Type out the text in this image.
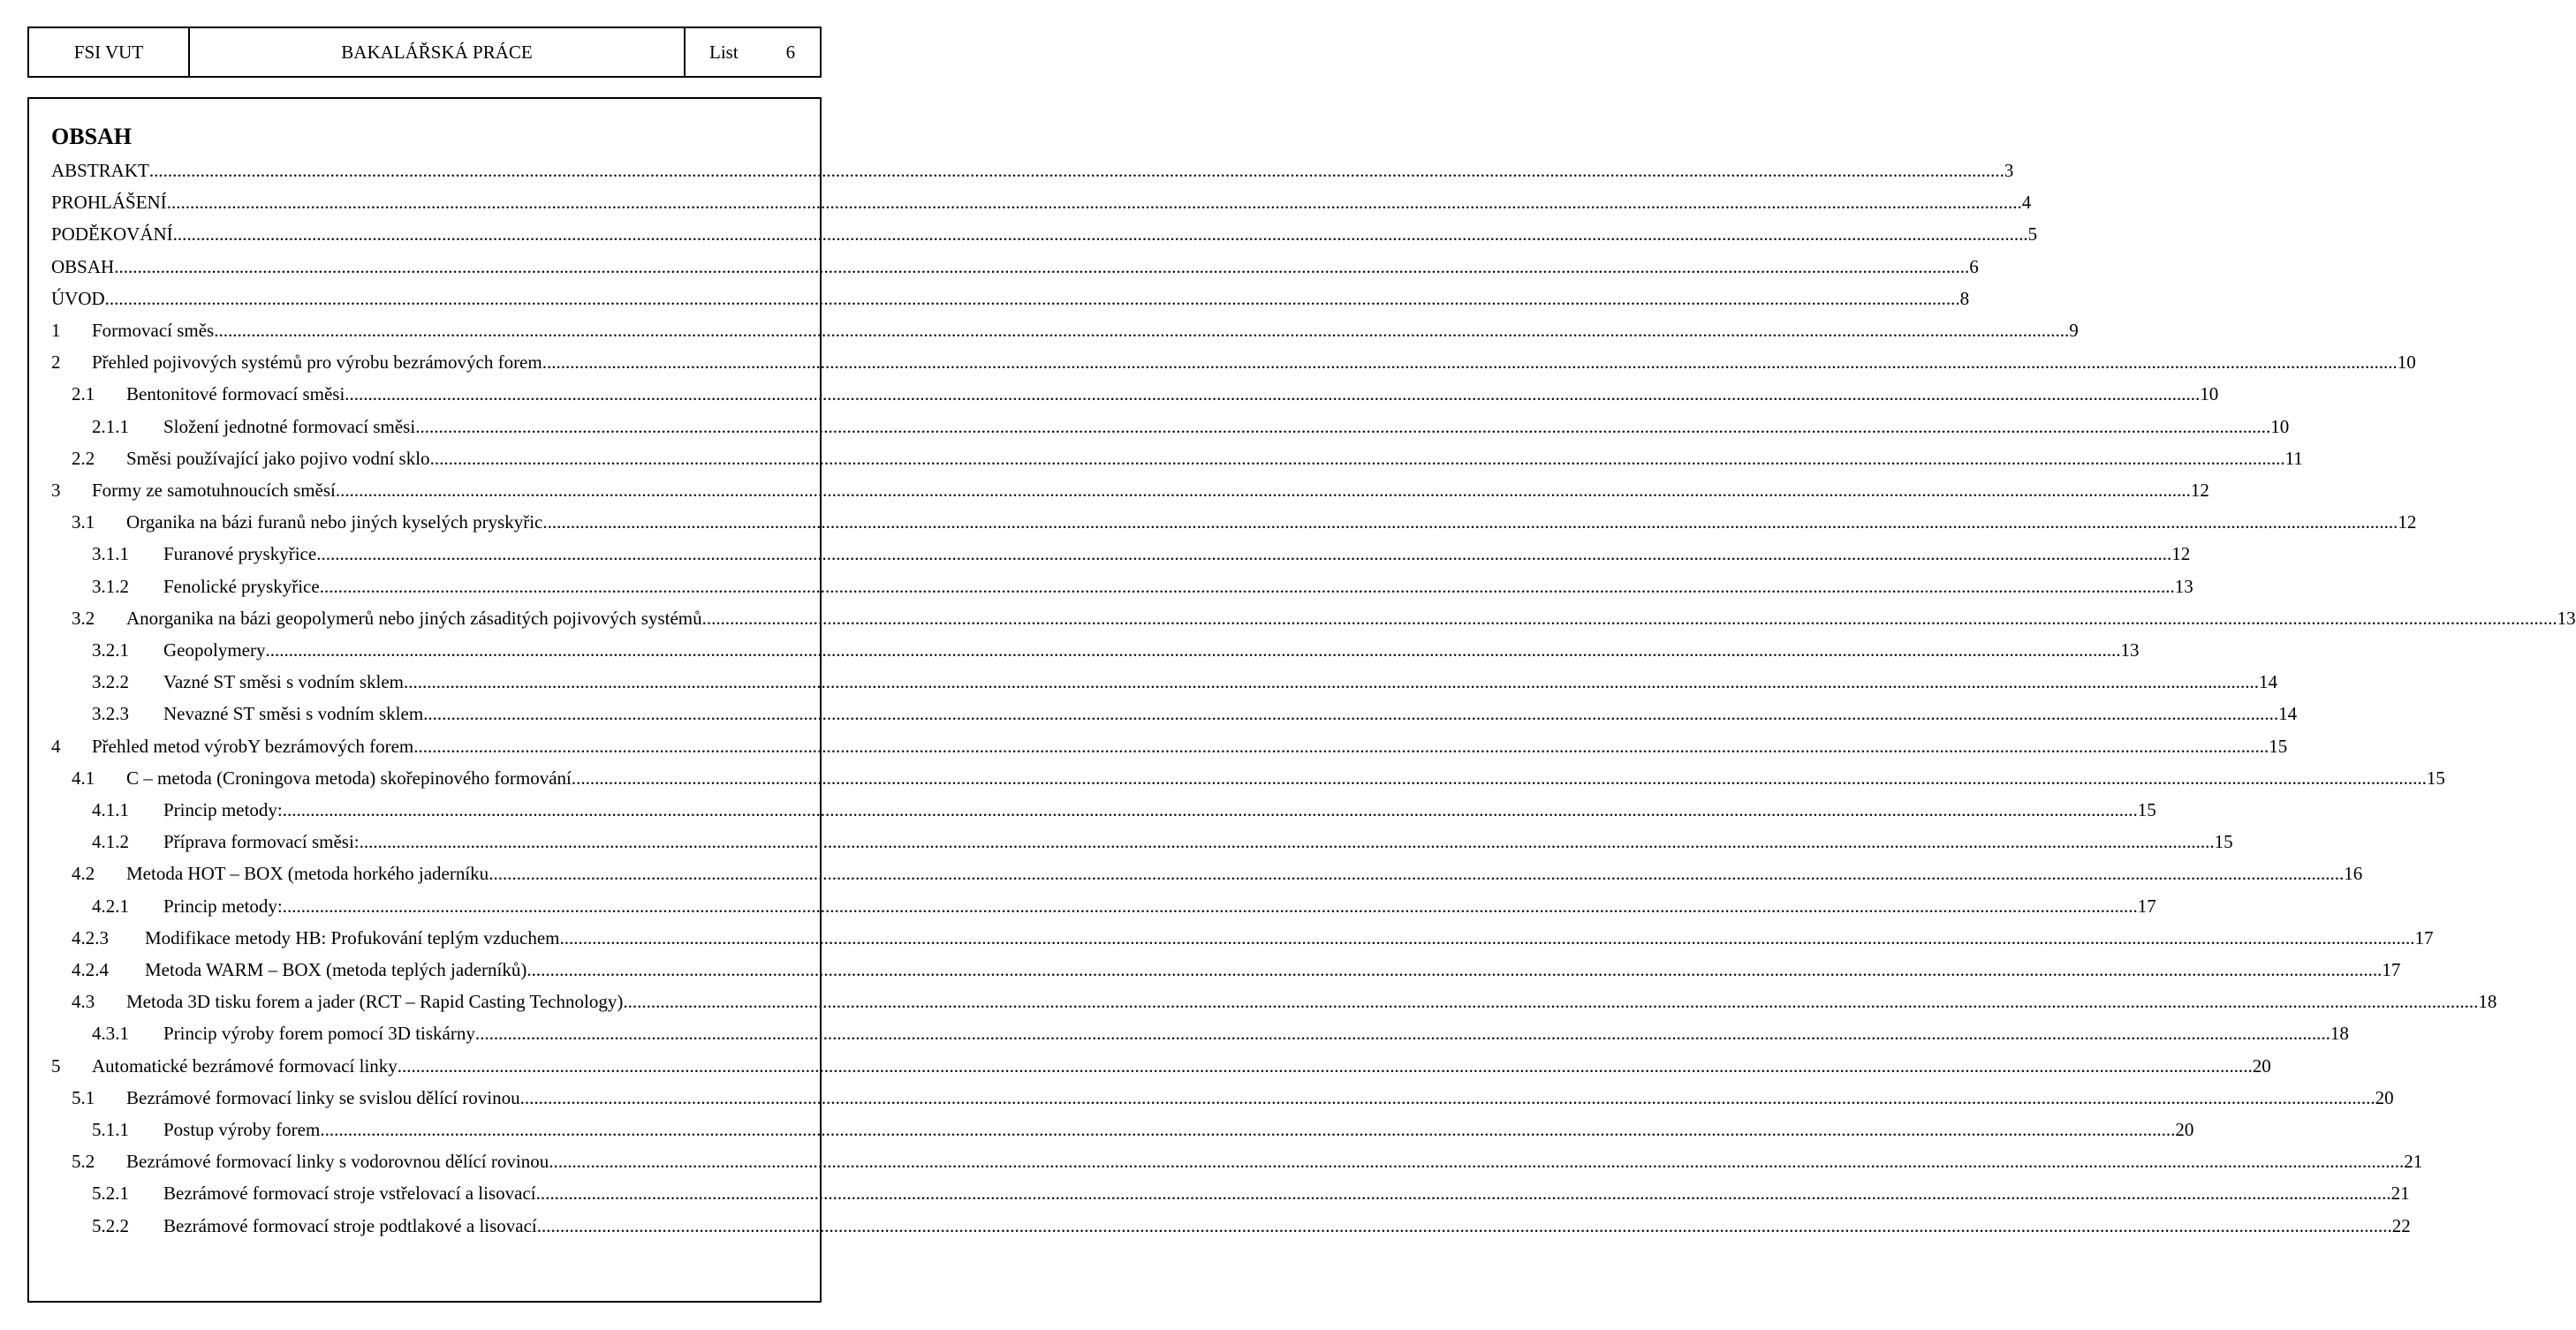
FSI VUT	BAKALÁŘSKÁ PRÁCE	List	6
OBSAH
ABSTRAKT ................................................................................................................................................................................................................................................................................................................................................................................................................ 3
PROHLÁŠENÍ ................................................................................................................................................................................................................................................................................................................................................................................................................ 4
PODĚKOVÁNÍ ................................................................................................................................................................................................................................................................................................................................................................................................................ 5
OBSAH ................................................................................................................................................................................................................................................................................................................................................................................................................ 6
ÚVOD ................................................................................................................................................................................................................................................................................................................................................................................................................ 8
1 Formovací směs ................................................................................................................................................................................................................................................................................................................................................................................................................ 9
2 Přehled pojivových systémů pro výrobu bezrámových forem ................................................................................................................................................................................................................................................................................................................................................................................................................ 10
2.1 Bentonitové formovací směsi ................................................................................................................................................................................................................................................................................................................................................................................................................ 10
2.1.1 Složení jednotné formovací směsi ................................................................................................................................................................................................................................................................................................................................................................................................................ 10
2.2 Směsi používající jako pojivo vodní sklo ................................................................................................................................................................................................................................................................................................................................................................................................................ 11
3 Formy ze samotuhnoucích směsí ................................................................................................................................................................................................................................................................................................................................................................................................................ 12
3.1 Organika na bázi furanů nebo jiných kyselých pryskyřic ................................................................................................................................................................................................................................................................................................................................................................................................................ 12
3.1.1 Furanové pryskyřice ................................................................................................................................................................................................................................................................................................................................................................................................................ 12
3.1.2 Fenolické pryskyřice ................................................................................................................................................................................................................................................................................................................................................................................................................ 13
3.2 Anorganika na bázi geopolymerů nebo jiných zásaditých pojivových systémů ................................................................................................................................................................................................................................................................................................................................................................................................................ 13
3.2.1 Geopolymery ................................................................................................................................................................................................................................................................................................................................................................................................................ 13
3.2.2 Vazné ST směsi s vodním sklem ................................................................................................................................................................................................................................................................................................................................................................................................................ 14
3.2.3 Nevazné ST směsi s vodním sklem ................................................................................................................................................................................................................................................................................................................................................................................................................ 14
4 Přehled metod výrobY bezrámových forem ................................................................................................................................................................................................................................................................................................................................................................................................................ 15
4.1 C – metoda (Croningova metoda) skořepinového formování ................................................................................................................................................................................................................................................................................................................................................................................................................ 15
4.1.1 Princip metody: ................................................................................................................................................................................................................................................................................................................................................................................................................ 15
4.1.2 Příprava formovací směsi: ................................................................................................................................................................................................................................................................................................................................................................................................................ 15
4.2 Metoda HOT – BOX (metoda horkého jaderníku ................................................................................................................................................................................................................................................................................................................................................................................................................ 16
4.2.1 Princip metody: ................................................................................................................................................................................................................................................................................................................................................................................................................ 17
4.2.3 Modifikace metody HB: Profukování teplým vzduchem ................................................................................................................................................................................................................................................................................................................................................................................................................ 17
4.2.4 Metoda WARM – BOX (metoda teplých jaderníků) ................................................................................................................................................................................................................................................................................................................................................................................................................ 17
4.3 Metoda 3D tisku forem a jader (RCT – Rapid Casting Technology) ................................................................................................................................................................................................................................................................................................................................................................................................................ 18
4.3.1 Princip výroby forem pomocí 3D tiskárny ................................................................................................................................................................................................................................................................................................................................................................................................................ 18
5 Automatické bezrámové formovací linky ................................................................................................................................................................................................................................................................................................................................................................................................................ 20
5.1 Bezrámové formovací linky se svislou dělící rovinou ................................................................................................................................................................................................................................................................................................................................................................................................................ 20
5.1.1 Postup výroby forem ................................................................................................................................................................................................................................................................................................................................................................................................................ 20
5.2 Bezrámové formovací linky s vodorovnou dělící rovinou ................................................................................................................................................................................................................................................................................................................................................................................................................ 21
5.2.1 Bezrámové formovací stroje vstřelovací a lisovací ................................................................................................................................................................................................................................................................................................................................................................................................................ 21
5.2.2 Bezrámové formovací stroje podtlakové a lisovací ................................................................................................................................................................................................................................................................................................................................................................................................................ 22
